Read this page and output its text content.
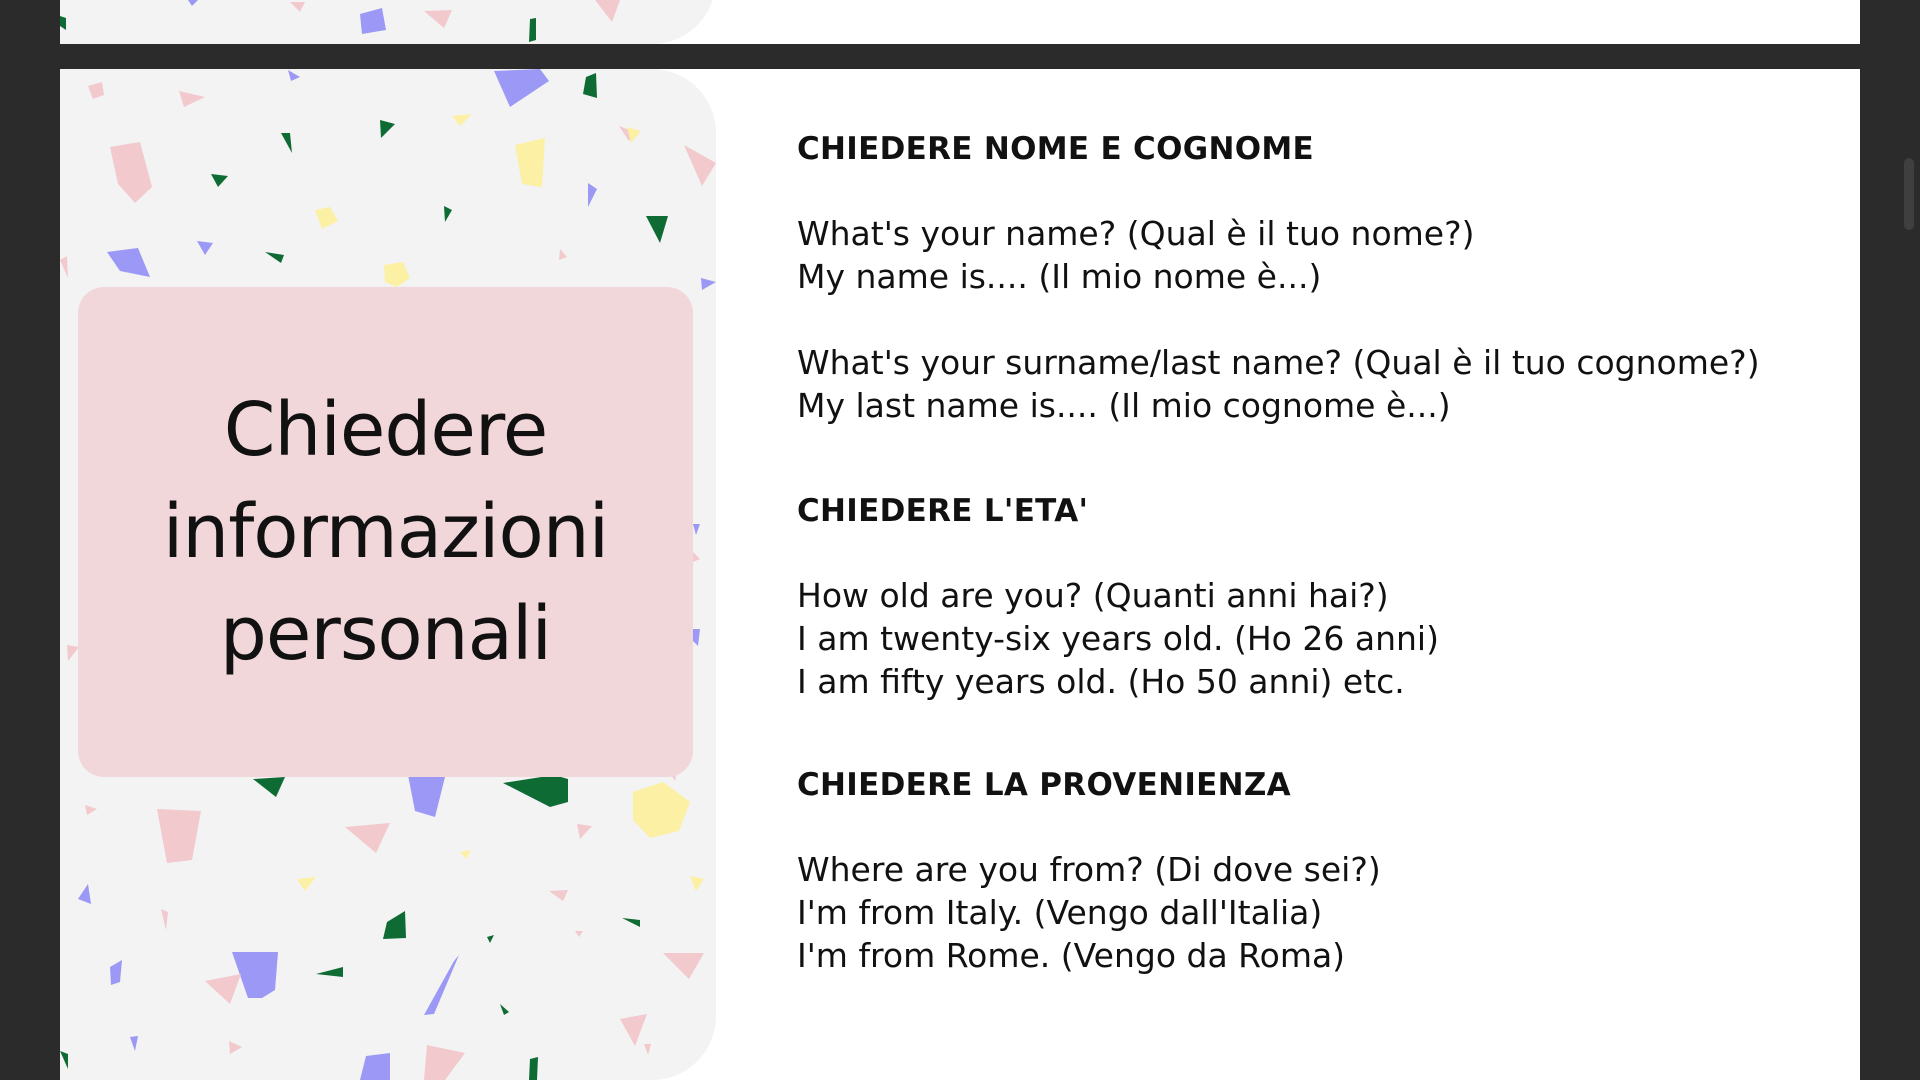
Chiedere
informazioni
personali
CHIEDERE NOME E COGNOME

What's your name? (Qual è il tuo nome?)

My name is.... (Il mio nome è...)

What's your surname/last name? (Qual è il tuo cognome?)

My last name is.... (Il mio cognome è...)

CHIEDERE L'ETA'

How old are you? (Quanti anni hai?)

I am twenty-six years old. (Ho 26 anni)

I am fifty years old. (Ho 50 anni) etc.

CHIEDERE LA PROVENIENZA

Where are you from? (Di dove sei?)

I'm from Italy. (Vengo dall'Italia)

I'm from Rome. (Vengo da Roma)
